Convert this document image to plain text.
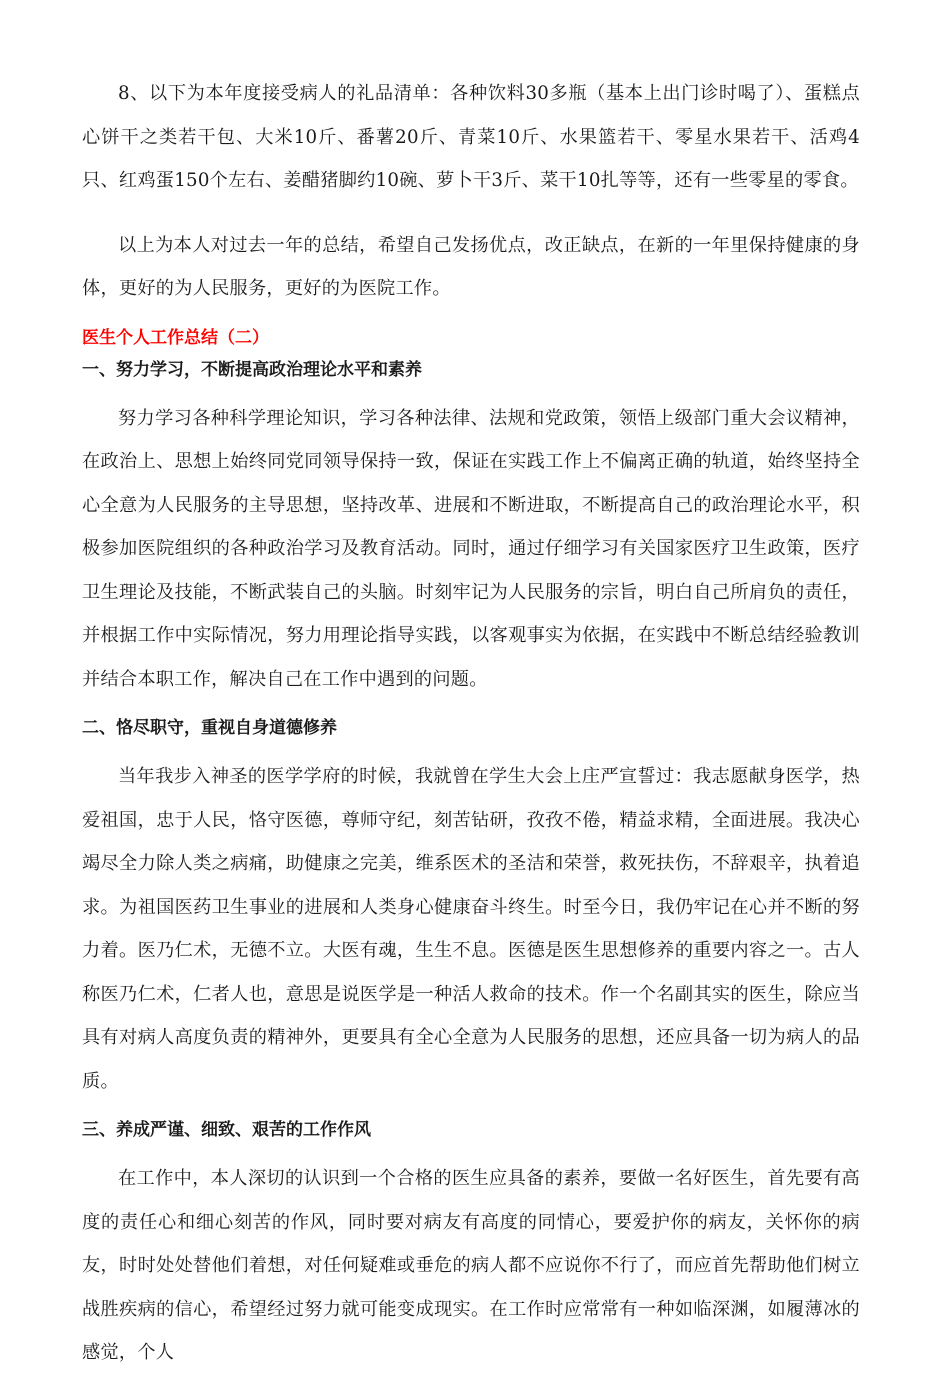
8、以下为本年度接受病人的礼品清单：各种饮料30多瓶（基本上出门诊时喝了）、蛋糕点心饼干之类若干包、大米10斤、番薯20斤、青菜10斤、水果篮若干、零星水果若干、活鸡4只、红鸡蛋150个左右、姜醋猪脚约10碗、萝卜干3斤、菜干10扎等等，还有一些零星的零食。

以上为本人对过去一年的总结，希望自己发扬优点，改正缺点，在新的一年里保持健康的身体，更好的为人民服务，更好的为医院工作。

医生个人工作总结（二）
一、努力学习，不断提高政治理论水平和素养

努力学习各种科学理论知识，学习各种法律、法规和党政策，领悟上级部门重大会议精神，在政治上、思想上始终同党同领导保持一致，保证在实践工作上不偏离正确的轨道，始终坚持全心全意为人民服务的主导思想，坚持改革、进展和不断进取，不断提高自己的政治理论水平，积极参加医院组织的各种政治学习及教育活动。同时，通过仔细学习有关国家医疗卫生政策，医疗卫生理论及技能，不断武装自己的头脑。时刻牢记为人民服务的宗旨，明白自己所肩负的责任，并根据工作中实际情况，努力用理论指导实践，以客观事实为依据，在实践中不断总结经验教训并结合本职工作，解决自己在工作中遇到的问题。

二、恪尽职守，重视自身道德修养

当年我步入神圣的医学学府的时候，我就曾在学生大会上庄严宣誓过：我志愿献身医学，热爱祖国，忠于人民，恪守医德，尊师守纪，刻苦钻研，孜孜不倦，精益求精，全面进展。我决心竭尽全力除人类之病痛，助健康之完美，维系医术的圣洁和荣誉，救死扶伤，不辞艰辛，执着追求。为祖国医药卫生事业的进展和人类身心健康奋斗终生。时至今日，我仍牢记在心并不断的努力着。医乃仁术，无德不立。大医有魂，生生不息。医德是医生思想修养的重要内容之一。古人称医乃仁术，仁者人也，意思是说医学是一种活人救命的技术。作一个名副其实的医生，除应当具有对病人高度负责的精神外，更要具有全心全意为人民服务的思想，还应具备一切为病人的品质。

三、养成严谨、细致、艰苦的工作作风

在工作中，本人深切的认识到一个合格的医生应具备的素养，要做一名好医生，首先要有高度的责任心和细心刻苦的作风，同时要对病友有高度的同情心，要爱护你的病友，关怀你的病友，时时处处替他们着想，对任何疑难或垂危的病人都不应说你不行了，而应首先帮助他们树立战胜疾病的信心，希望经过努力就可能变成现实。在工作时应常常有一种如临深渊，如履薄冰的感觉，个人
